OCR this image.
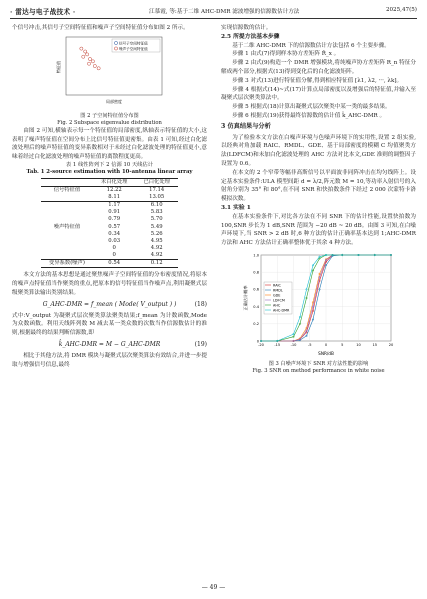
· 雷达与电子战技术 ·	江慕霞, 等:基于二维 AHC-DMR 滤波增强的信源数估计方法	2025,47(5)

个信号冲击,其信号子空间特征值和噪声子空间特征值分布如图 2 所示。

信号子空间特征值
噪声子空间特征值
局部密度
特征值
图 2 子空间特征值分布图
Fig. 2 Subspace eigenvalue distribution

由图 2 可知,横轴表示每一个特征值的局部密度,纵轴表示特征值的大小,这表明了噪声特征值在空间分布上比信号特征值更密集。由表 1 可知,经过白化滤波处理后的噪声特征值的变异系数相对于未经过白化滤波处理的特征值更小,意味着经过白化滤波处理的噪声特征值的离散程度更高。

表 1 线性阵列下 2 信源 10 天线估计
Tab. 1 2-source estimation with 10-antenna linear array
	未白化处理	已白化处理
信号特征值	12.22	17.14
	8.11	13.05
	1.17	6.10
	0.91	5.83
	0.79	5.70
噪声特征值	0.57	5.49
	0.34	5.26
	0.03	4.95
	0	4.92
	0	4.92
变异系数(噪声)	0.54	0.12

本文方法的基本思想是通过聚焦噪声子空间特征值的分布密度情况,将原本的噪声点特征值当作聚类的重点,把原本的信号特征值当作噪声点,利用凝聚式层级聚类算法输出类别结果。

G_AHC-DMR = f_mean ( Mode( V_output ) )	(18)

式中:V_output 为凝聚式层次聚类算法聚类结果;f_mean 为计数函数,Mode 为众数函数。利用天线阵列数 M 减去某一类众数的次数当作信源数估计的准则,根据最终的结果判断信源数,即

k̂_AHC-DMR = M − G_AHC-DMR	(19)

相比于其他方法,将 DMR 模块与凝聚式层次聚类算法有效结合,并进一步提取与增强信号信息,最终

实现信源数的估计。

2.5 所提方法基本步骤

基于二维 AHC-DMR 下的信源数估计方法包括 6 个主要步骤。

步骤 1 由式(7)得到样本协方差矩阵 R̂_x 。

步骤 2 由式(9)构造一个 DMR 增强模块,将纯噪声协方差矩阵 R_n 特征分解成两个部分,根据式(13)得到变化后的白化滤波矩阵。

步骤 3 对式(13)进行特征值分解,得到相应特征值 [λ1, λ2, ···, λk]。

步骤 4 根据式(14)~式(17)计算点局部密度以及增强后的特征值,并输入至凝聚式层次聚类算法中。

步骤 5 根据式(18)计算出凝聚式层次聚类中某一类的最多结果。

步骤 6 根据式(19)获得最终信源数的估计值 k̂_AHC-DMR 。

3 仿真结果与分析

为了检验本文方法在白噪声环境与色噪声环境下的实用性,设置 2 组实验,以经典对角加载 RAIC、RMDL、GDE、基于局部密度的模糊 C 均值聚类方法(LDFCM)和未加白化滤波处理的 AHC 方法对比本文,GDE 准则的调整因子设置为 0.6。

在本文的 2 个窄带等幅非高斯信号以平面波非同阵冲击在均匀线阵上。设定基本实验条件:ULA 模型间距 d = λ/2,阵元数 M = 10,等功率入射信号的入射角分别为 35° 和 80°,在不同 SNR 和快拍数条件下经过 2 000 次蒙特卡洛模拟次数。

3.1 实验 1

在基本实验条件下,对比各方法在不同 SNR 下的估计性能,设置快拍数为 100,SNR 步长为 1 dB,SNR 范围为 −20 dB ~ 20 dB。由图 3 可知,在白噪声环境下,当 SNR > 2 dB 时,6 种方法的估计正确率基本达到 1;AHC-DMR 方法和 AHC 方法估计正确率整体优于其余 4 种方法。

RAIC
RMDL
GDE
LDFCM
AHC
AHC-DMR
-20	-15	-10	-5	0	5	10	15	20
0
0.2
0.4
0.6
0.8
1.0
SNR/dB
正确估计概率
图 3 白噪声环境下 SNR 对方法性能的影响
Fig. 3 SNR on method performance in white noise
— 49 —
